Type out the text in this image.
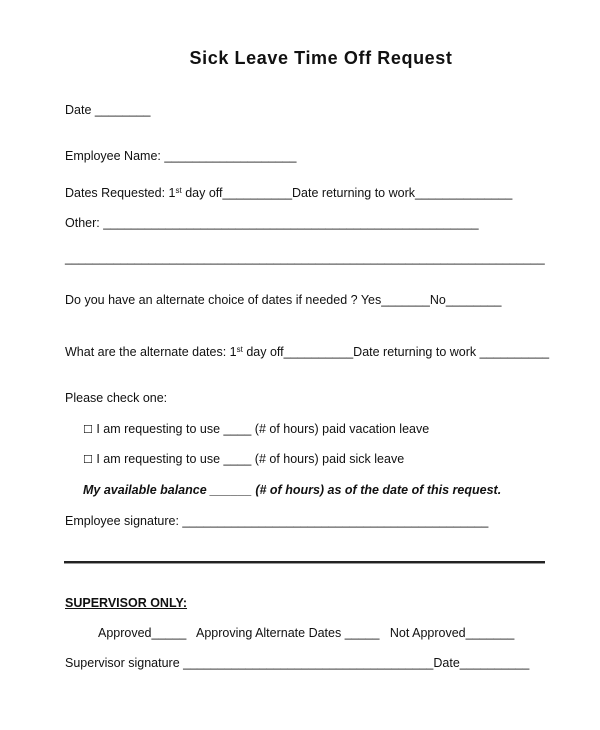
Sick Leave Time Off Request
Date ________
Employee Name: ___________________
Dates Requested: 1st day off__________Date returning to work______________
Other: ______________________________________________________
_____________________________________________________________________
Do you have an alternate choice of dates if needed ? Yes_______No________
What are the alternate dates: 1st day off__________Date returning to work __________
Please check one:
☐ I am requesting to use ____ (# of hours) paid vacation leave
☐ I am requesting to use ____ (# of hours) paid sick leave
My available balance ______ (# of hours) as of the date of this request.
Employee signature: ____________________________________________
SUPERVISOR ONLY:
Approved_____   Approving Alternate Dates _____   Not Approved_______
Supervisor signature ____________________________________Date__________
